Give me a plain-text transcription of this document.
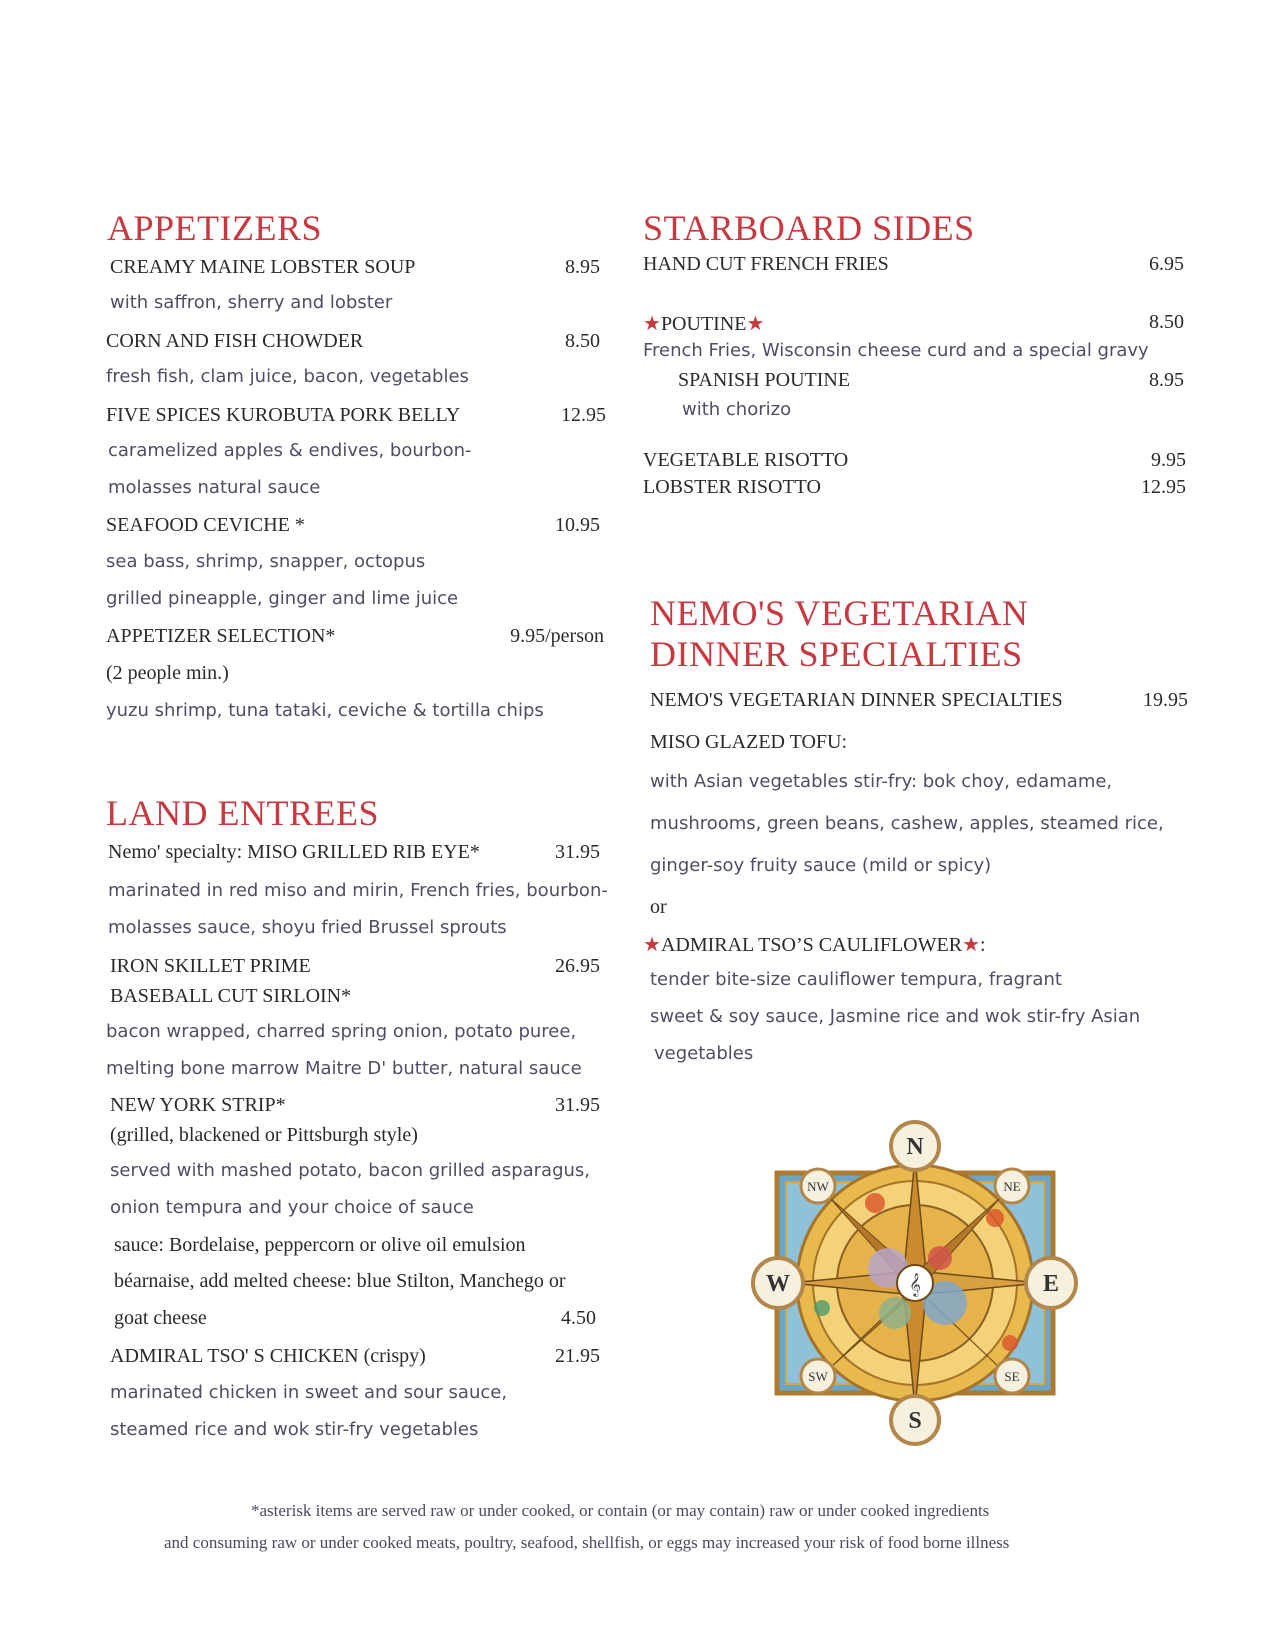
APPETIZERS
CREAMY MAINE LOBSTER SOUP	8.95
with saffron, sherry and lobster
CORN AND FISH CHOWDER	8.50
fresh fish, clam juice, bacon, vegetables
FIVE SPICES KUROBUTA PORK BELLY	12.95
caramelized apples & endives, bourbon-
molasses natural sauce
SEAFOOD CEVICHE *	10.95
sea bass, shrimp, snapper, octopus
grilled pineapple, ginger and lime juice
APPETIZER SELECTION*	9.95/person
(2 people min.)
yuzu shrimp, tuna tataki, ceviche & tortilla chips
LAND ENTREES
Nemo' specialty: MISO GRILLED RIB EYE*	31.95
marinated in red miso and mirin, French fries, bourbon-
molasses sauce, shoyu fried Brussel sprouts
IRON SKILLET PRIME	26.95
BASEBALL CUT SIRLOIN*
bacon wrapped, charred spring onion, potato puree,
melting bone marrow Maitre D' butter, natural sauce
NEW YORK STRIP*	31.95
(grilled, blackened or Pittsburgh style)
served with mashed potato, bacon grilled asparagus,
onion tempura and your choice of sauce
sauce: Bordelaise, peppercorn or olive oil emulsion
béarnaise, add melted cheese: blue Stilton, Manchego or
goat cheese	4.50
ADMIRAL TSO' S CHICKEN (crispy)	21.95
marinated chicken in sweet and sour sauce,
steamed rice and wok stir-fry vegetables
STARBOARD SIDES
HAND CUT FRENCH FRIES	6.95
★POUTINE★	8.50
French Fries, Wisconsin cheese curd and a special gravy
SPANISH POUTINE	8.95
with chorizo
VEGETABLE RISOTTO	9.95
LOBSTER RISOTTO	12.95
NEMO'S VEGETARIAN
DINNER SPECIALTIES
NEMO'S VEGETARIAN DINNER SPECIALTIES	19.95
MISO GLAZED TOFU:
with Asian vegetables stir-fry: bok choy, edamame,
mushrooms, green beans, cashew, apples, steamed rice,
ginger-soy fruity sauce (mild or spicy)
or
★ADMIRAL TSO’S CAULIFLOWER★:
tender bite-size cauliflower tempura, fragrant
sweet & soy sauce, Jasmine rice and wok stir-fry Asian
vegetables
𝄞
N
S
W	E
NW	NE
SW	SE
*asterisk items are served raw or under cooked, or contain (or may contain) raw or under cooked ingredients
and consuming raw or under cooked meats, poultry, seafood, shellfish, or eggs may increased your risk of food borne illness
